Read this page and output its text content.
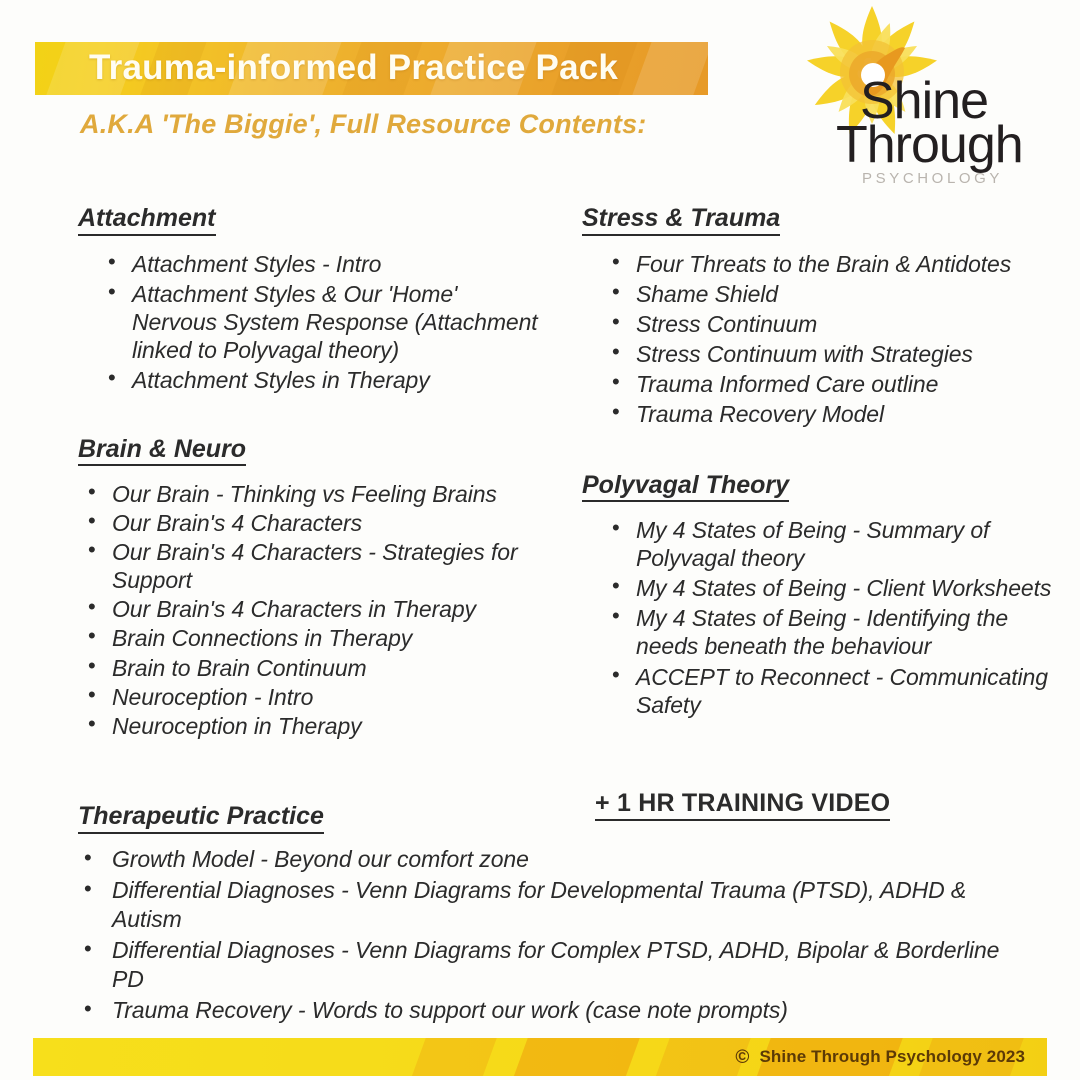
Trauma-informed Practice Pack
A.K.A 'The Biggie', Full Resource Contents:	Shine
Through
PSYCHOLOGY
Attachment
• Attachment Styles - Intro
• Attachment Styles & Our 'Home' Nervous System Response (Attachment linked to Polyvagal theory)
• Attachment Styles in Therapy
Brain & Neuro
• Our Brain - Thinking vs Feeling Brains
• Our Brain's 4 Characters
• Our Brain's 4 Characters - Strategies for Support
• Our Brain's 4 Characters in Therapy
• Brain Connections in Therapy
• Brain to Brain Continuum
• Neuroception - Intro
• Neuroception in Therapy
Stress & Trauma
• Four Threats to the Brain & Antidotes
• Shame Shield
• Stress Continuum
• Stress Continuum with Strategies
• Trauma Informed Care outline
• Trauma Recovery Model
Polyvagal Theory
• My 4 States of Being - Summary of Polyvagal theory
• My 4 States of Being - Client Worksheets
• My 4 States of Being - Identifying the needs beneath the behaviour
• ACCEPT to Reconnect - Communicating Safety
+ 1 HR TRAINING VIDEO
Therapeutic Practice
• Growth Model - Beyond our comfort zone
• Differential Diagnoses - Venn Diagrams for Developmental Trauma (PTSD), ADHD & Autism
• Differential Diagnoses - Venn Diagrams for Complex PTSD, ADHD, Bipolar & Borderline PD
• Trauma Recovery - Words to support our work (case note prompts)
© Shine Through Psychology 2023
